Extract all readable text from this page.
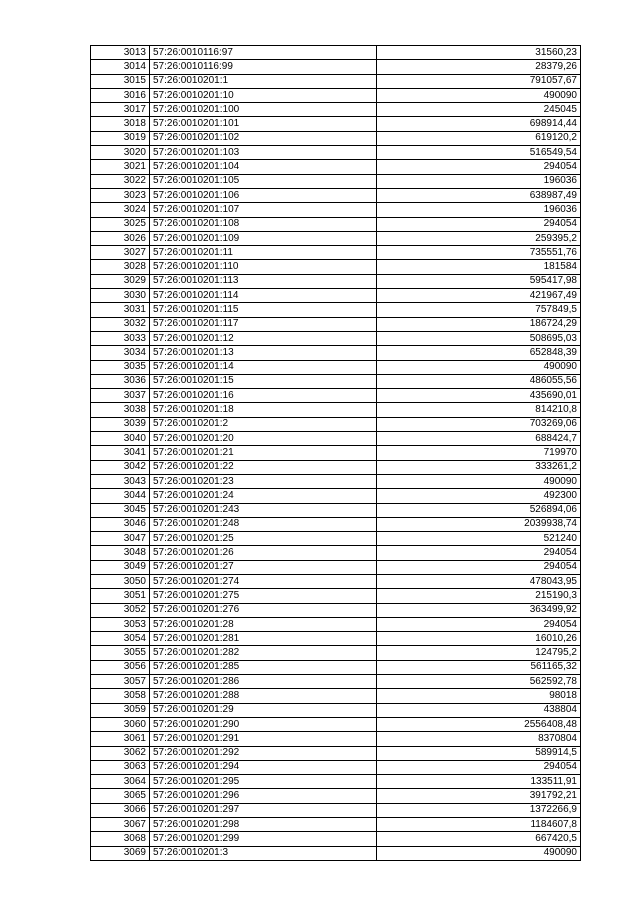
3013	57:26:0010116:97	31560,23
3014	57:26:0010116:99	28379,26
3015	57:26:0010201:1	791057,67
3016	57:26:0010201:10	490090
3017	57:26:0010201:100	245045
3018	57:26:0010201:101	698914,44
3019	57:26:0010201:102	619120,2
3020	57:26:0010201:103	516549,54
3021	57:26:0010201:104	294054
3022	57:26:0010201:105	196036
3023	57:26:0010201:106	638987,49
3024	57:26:0010201:107	196036
3025	57:26:0010201:108	294054
3026	57:26:0010201:109	259395,2
3027	57:26:0010201:11	735551,76
3028	57:26:0010201:110	181584
3029	57:26:0010201:113	595417,98
3030	57:26:0010201:114	421967,49
3031	57:26:0010201:115	757849,5
3032	57:26:0010201:117	186724,29
3033	57:26:0010201:12	508695,03
3034	57:26:0010201:13	652848,39
3035	57:26:0010201:14	490090
3036	57:26:0010201:15	486055,56
3037	57:26:0010201:16	435690,01
3038	57:26:0010201:18	814210,8
3039	57:26:0010201:2	703269,06
3040	57:26:0010201:20	688424,7
3041	57:26:0010201:21	719970
3042	57:26:0010201:22	333261,2
3043	57:26:0010201:23	490090
3044	57:26:0010201:24	492300
3045	57:26:0010201:243	526894,06
3046	57:26:0010201:248	2039938,74
3047	57:26:0010201:25	521240
3048	57:26:0010201:26	294054
3049	57:26:0010201:27	294054
3050	57:26:0010201:274	478043,95
3051	57:26:0010201:275	215190,3
3052	57:26:0010201:276	363499,92
3053	57:26:0010201:28	294054
3054	57:26:0010201:281	16010,26
3055	57:26:0010201:282	124795,2
3056	57:26:0010201:285	561165,32
3057	57:26:0010201:286	562592,78
3058	57:26:0010201:288	98018
3059	57:26:0010201:29	438804
3060	57:26:0010201:290	2556408,48
3061	57:26:0010201:291	8370804
3062	57:26:0010201:292	589914,5
3063	57:26:0010201:294	294054
3064	57:26:0010201:295	133511,91
3065	57:26:0010201:296	391792,21
3066	57:26:0010201:297	1372266,9
3067	57:26:0010201:298	1184607,8
3068	57:26:0010201:299	667420,5
3069	57:26:0010201:3	490090
